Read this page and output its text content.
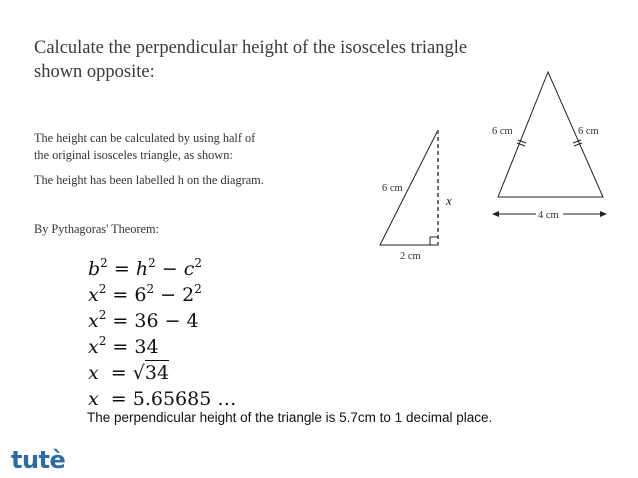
Calculate the perpendicular height of the isosceles triangle
shown opposite:
The height can be calculated by using half of
the original isosceles triangle, as shown:
The height has been labelled h on the diagram.
By Pythagoras' Theorem:
6 cm
2 cm
x
6 cm	6 cm
4 cm
$b^2 = h^2 - c^2$
$x^2 = 6^2 - 2^2$
$x^2 = 36 - 4$
$x^2 = 34$
x  = √34
x  = 5.65685 …
The perpendicular height of the triangle is 5.7cm to 1 decimal place.
tutè
